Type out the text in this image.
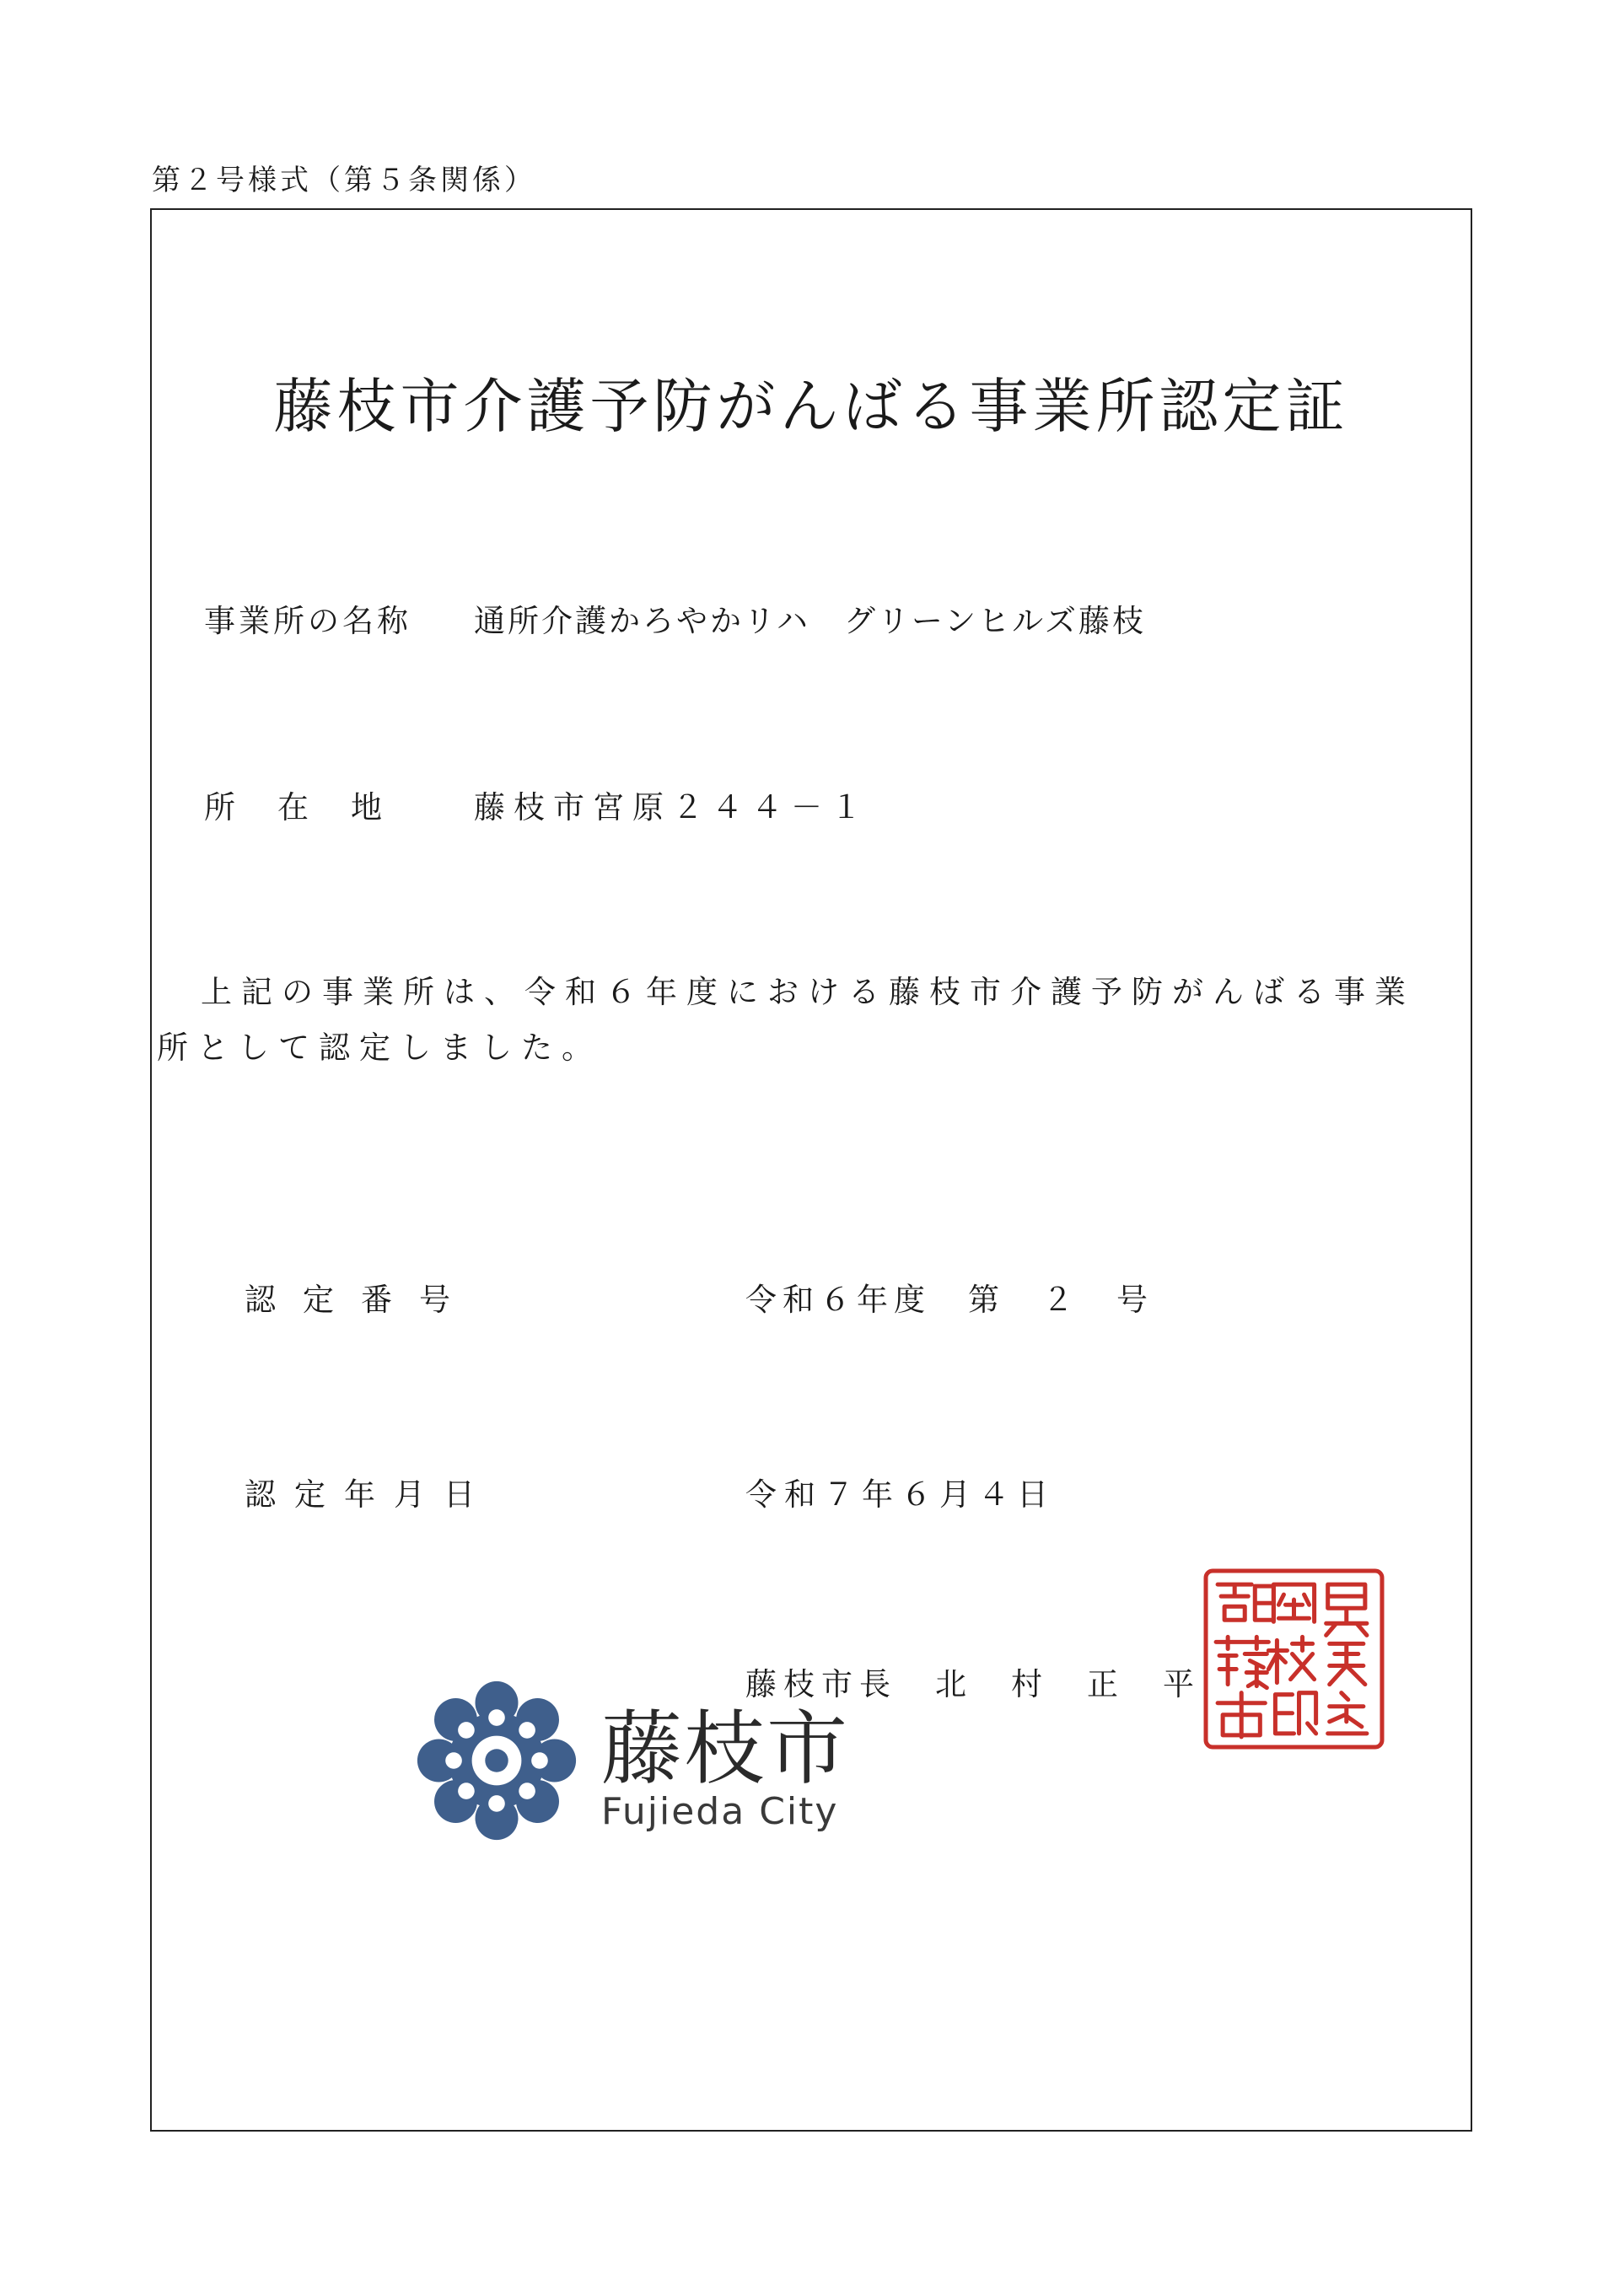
第２号様式（第５条関係）
藤枝市介護予防がんばる事業所認定証
事業所の名称 通所介護かろやかリハ　グリーンヒルズ藤枝
所在地 藤枝市宮原２４４－１
上記の事業所は、令和６年度における藤枝市介護予防がんばる事業所として認定しました。
認定番号	令和６年度　第　２　号
認定年月日	令和７年６月４日
藤枝市長　北　村　正　平
藤枝市
Fujieda City
